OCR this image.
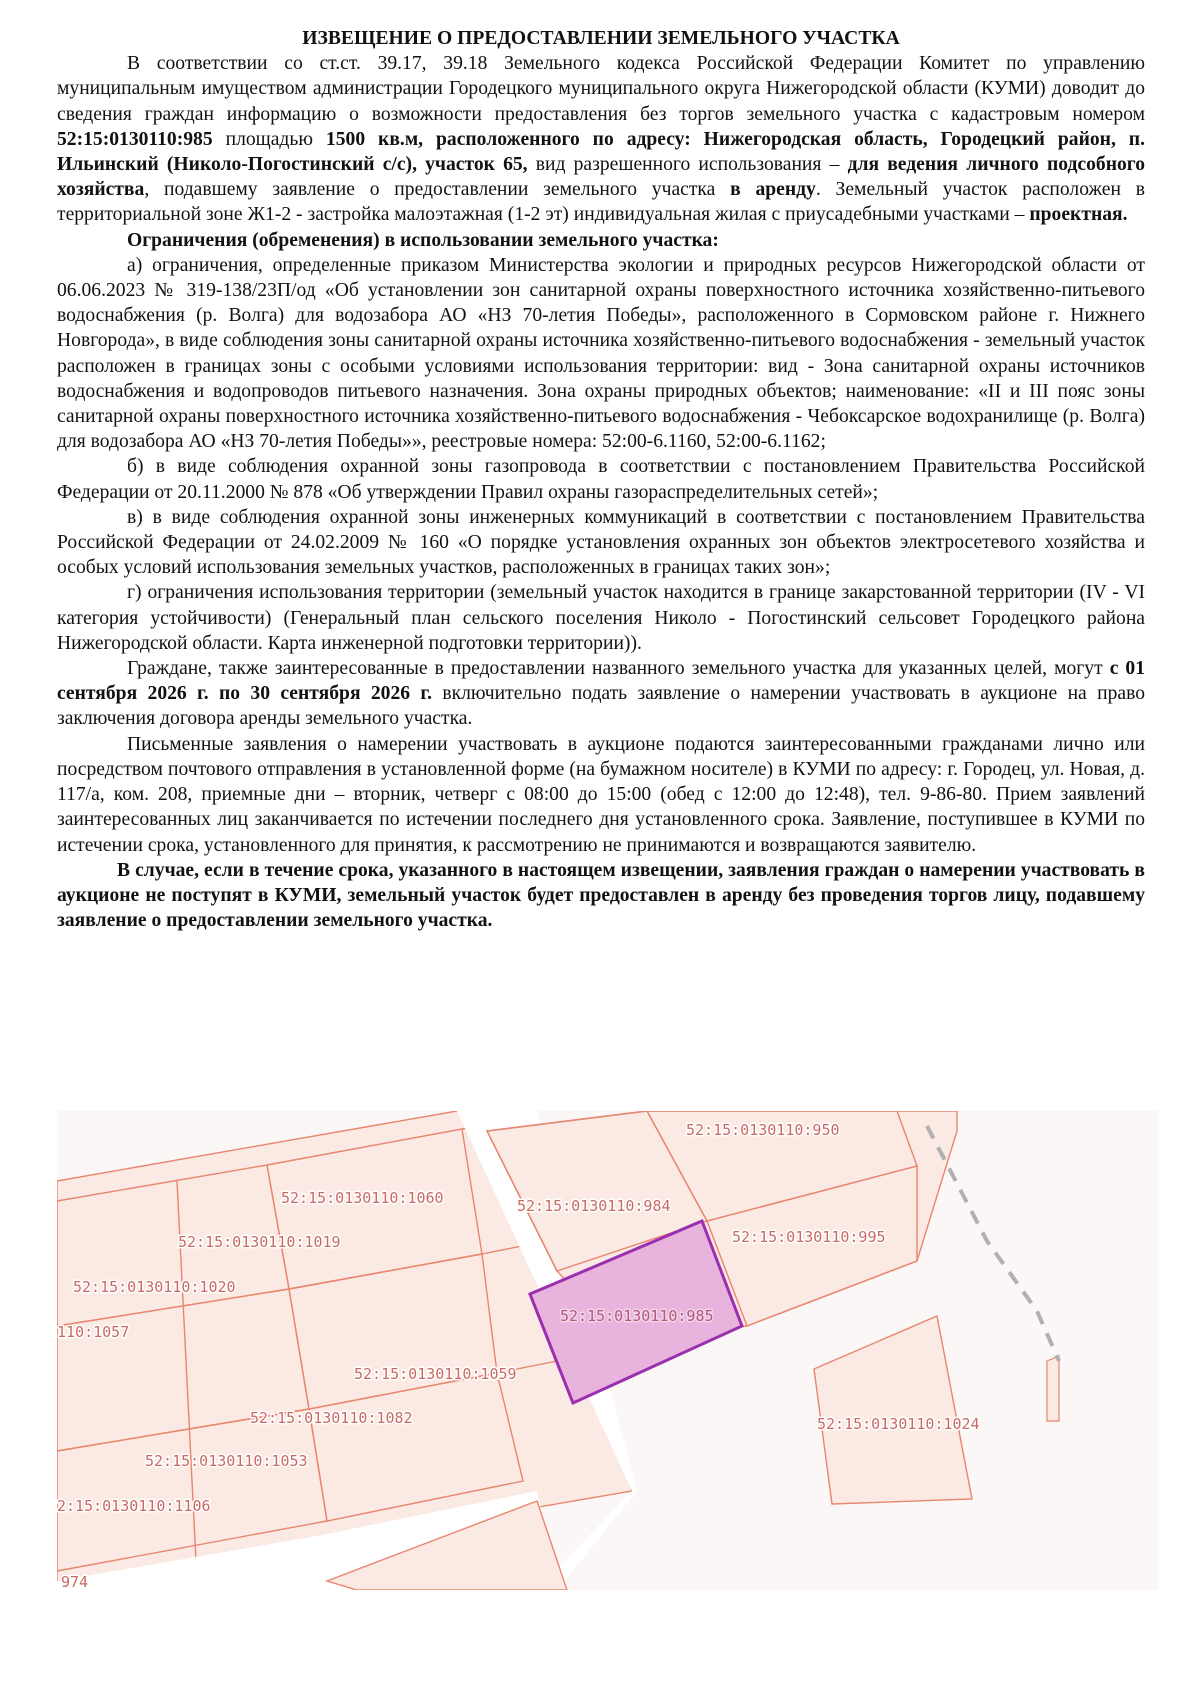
ИЗВЕЩЕНИЕ О ПРЕДОСТАВЛЕНИИ ЗЕМЕЛЬНОГО УЧАСТКА

В соответствии со ст.ст. 39.17, 39.18 Земельного кодекса Российской Федерации Комитет по управлению муниципальным имуществом администрации Городецкого муниципального округа Нижегородской области (КУМИ) доводит до сведения граждан информацию о возможности предоставления без торгов земельного участка с кадастровым номером 52:15:0130110:985 площадью 1500 кв.м, расположенного по адресу: Нижегородская область, Городецкий район, п. Ильинский (Николо-Погостинский с/с), участок 65, вид разрешенного использования – для ведения личного подсобного хозяйства, подавшему заявление о предоставлении земельного участка в аренду. Земельный участок расположен в территориальной зоне Ж1-2 - застройка малоэтажная (1-2 эт) индивидуальная жилая с приусадебными участками – проектная.

Ограничения (обременения) в использовании земельного участка:

а) ограничения, определенные приказом Министерства экологии и природных ресурсов Нижегородской области от 06.06.2023 № 319-138/23П/од «Об установлении зон санитарной охраны поверхностного источника хозяйственно-питьевого водоснабжения (р. Волга) для водозабора АО «НЗ 70-летия Победы», расположенного в Сормовском районе г. Нижнего Новгорода», в виде соблюдения зоны санитарной охраны источника хозяйственно-питьевого водоснабжения - земельный участок расположен в границах зоны с особыми условиями использования территории: вид - Зона санитарной охраны источников водоснабжения и водопроводов питьевого назначения. Зона охраны природных объектов; наименование: «II и III пояс зоны санитарной охраны поверхностного источника хозяйственно-питьевого водоснабжения - Чебоксарское водохранилище (р. Волга) для водозабора АО «НЗ 70-летия Победы»», реестровые номера: 52:00-6.1160, 52:00-6.1162;

б) в виде соблюдения охранной зоны газопровода в соответствии с постановлением Правительства Российской Федерации от 20.11.2000 № 878 «Об утверждении Правил охраны газораспределительных сетей»;

в) в виде соблюдения охранной зоны инженерных коммуникаций в соответствии с постановлением Правительства Российской Федерации от 24.02.2009 № 160 «О порядке установления охранных зон объектов электросетевого хозяйства и особых условий использования земельных участков, расположенных в границах таких зон»;

г) ограничения использования территории (земельный участок находится в границе закарстованной территории (IV - VI категория устойчивости) (Генеральный план сельского поселения Николо - Погостинский сельсовет Городецкого района Нижегородской области. Карта инженерной подготовки территории)).

Граждане, также заинтересованные в предоставлении названного земельного участка для указанных целей, могут с 01 сентября 2026 г. по 30 сентября 2026 г. включительно подать заявление о намерении участвовать в аукционе на право заключения договора аренды земельного участка.

Письменные заявления о намерении участвовать в аукционе подаются заинтересованными гражданами лично или посредством почтового отправления в установленной форме (на бумажном носителе) в КУМИ по адресу: г. Городец, ул. Новая, д. 117/а, ком. 208, приемные дни – вторник, четверг с 08:00 до 15:00 (обед с 12:00 до 12:48), тел. 9-86-80. Прием заявлений заинтересованных лиц заканчивается по истечении последнего дня установленного срока. Заявление, поступившее в КУМИ по истечении срока, установленного для принятия, к рассмотрению не принимаются и возвращаются заявителю.

В случае, если в течение срока, указанного в настоящем извещении, заявления граждан о намерении участвовать в аукционе не поступят в КУМИ, земельный участок будет предоставлен в аренду без проведения торгов лицу, подавшему заявление о предоставлении земельного участка.

52:15:0130110:950
52:15:0130110:984
52:15:0130110:995
52:15:0130110:985
52:15:0130110:1060
52:15:0130110:1019
52:15:0130110:1020
110:1057
52:15:0130110:1059
52:15:0130110:1082
52:15:0130110:1053
2:15:0130110:1106
974
52:15:0130110:1024
